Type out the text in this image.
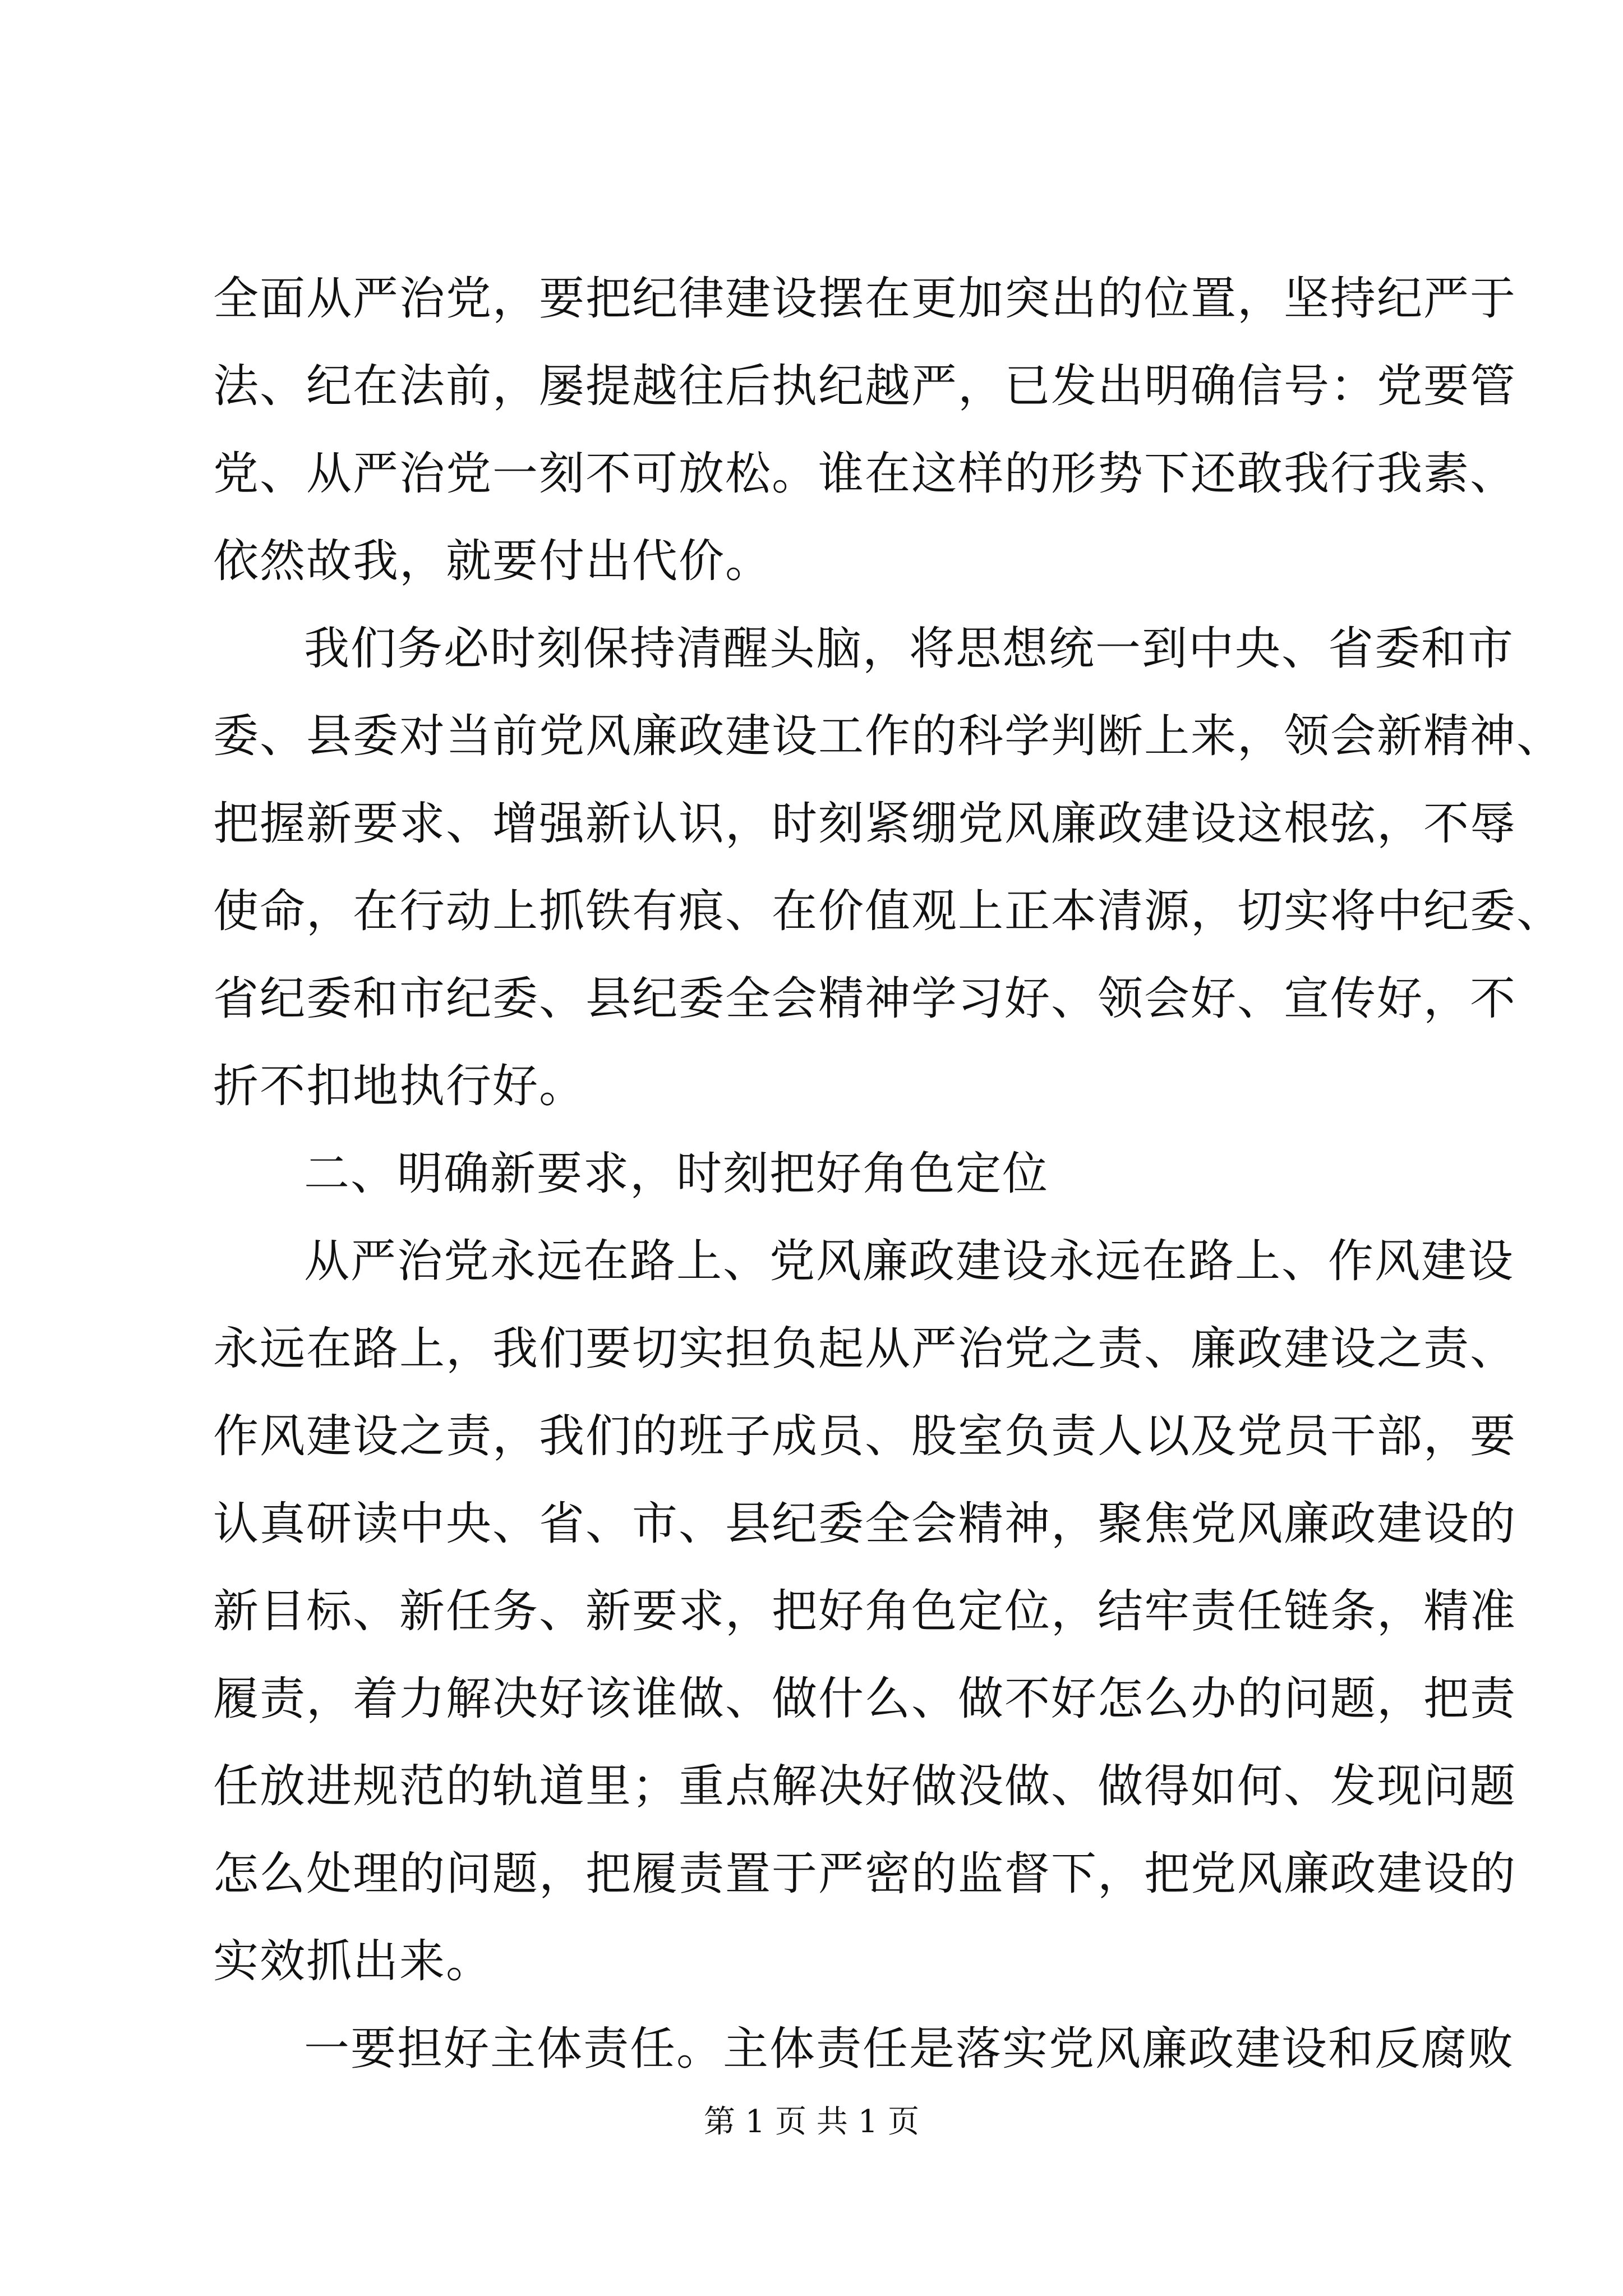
全面从严治党，要把纪律建设摆在更加突出的位置，坚持纪严于
法、纪在法前，屡提越往后执纪越严，已发出明确信号：党要管
党、从严治党一刻不可放松。谁在这样的形势下还敢我行我素、
依然故我，就要付出代价。
我们务必时刻保持清醒头脑，将思想统一到中央、省委和市
委、县委对当前党风廉政建设工作的科学判断上来，领会新精神、
把握新要求、增强新认识，时刻紧绷党风廉政建设这根弦，不辱
使命，在行动上抓铁有痕、在价值观上正本清源，切实将中纪委、
省纪委和市纪委、县纪委全会精神学习好、领会好、宣传好，不
折不扣地执行好。
二、明确新要求，时刻把好角色定位
从严治党永远在路上、党风廉政建设永远在路上、作风建设
永远在路上，我们要切实担负起从严治党之责、廉政建设之责、
作风建设之责，我们的班子成员、股室负责人以及党员干部，要
认真研读中央、省、市、县纪委全会精神，聚焦党风廉政建设的
新目标、新任务、新要求，把好角色定位，结牢责任链条，精准
履责，着力解决好该谁做、做什么、做不好怎么办的问题，把责
任放进规范的轨道里；重点解决好做没做、做得如何、发现问题
怎么处理的问题，把履责置于严密的监督下，把党风廉政建设的
实效抓出来。
一要担好主体责任。主体责任是落实党风廉政建设和反腐败
第 1 页 共 1 页
